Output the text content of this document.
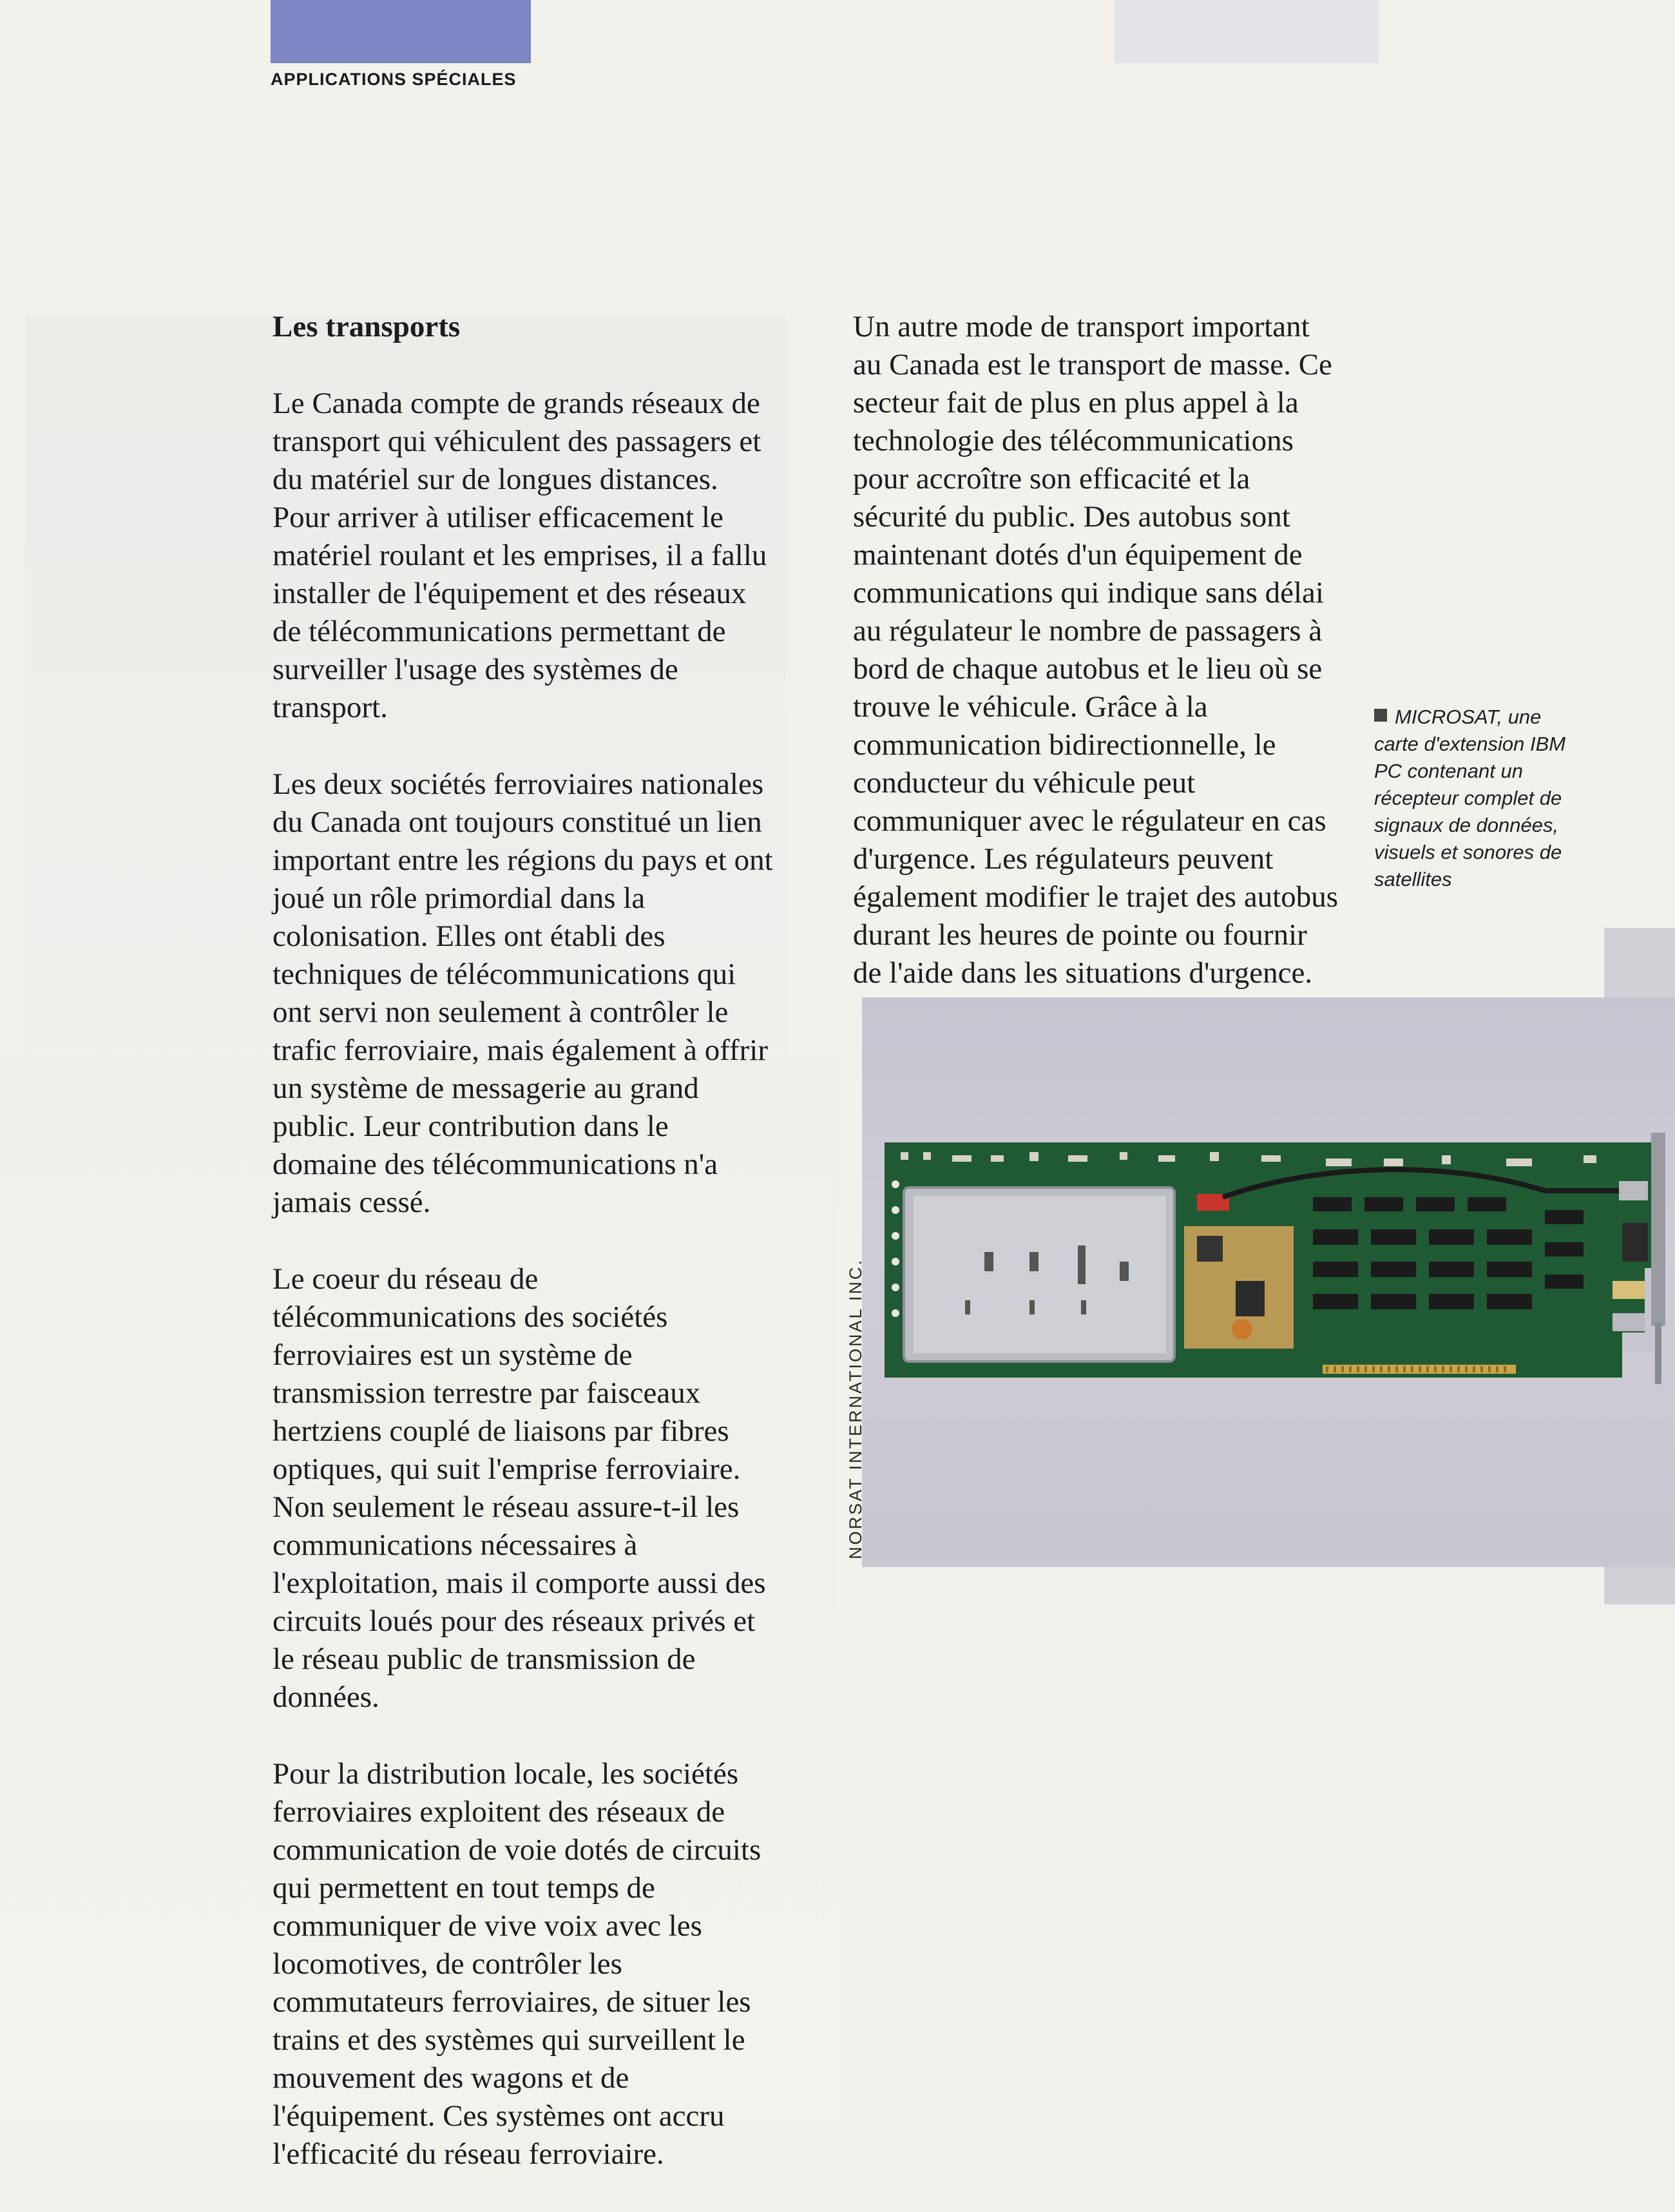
APPLICATIONS SPÉCIALES
Les transports

Le Canada compte de grands réseaux de transport qui véhiculent des passagers et du matériel sur de longues distances. Pour arriver à utiliser efficacement le matériel roulant et les emprises, il a fallu installer de l'équipement et des réseaux de télécommunications permettant de surveiller l'usage des systèmes de transport.

Les deux sociétés ferroviaires nationales du Canada ont toujours constitué un lien important entre les régions du pays et ont joué un rôle primordial dans la colonisation. Elles ont établi des techniques de télécommunications qui ont servi non seulement à contrôler le trafic ferroviaire, mais également à offrir un système de messagerie au grand public. Leur contribution dans le domaine des télécommunications n'a jamais cessé.

Le coeur du réseau de télécommunications des sociétés ferroviaires est un système de transmission terrestre par faisceaux hertziens couplé de liaisons par fibres optiques, qui suit l'emprise ferroviaire. Non seulement le réseau assure-t-il les communications nécessaires à l'exploitation, mais il comporte aussi des circuits loués pour des réseaux privés et le réseau public de transmission de données.

Pour la distribution locale, les sociétés ferroviaires exploitent des réseaux de communication de voie dotés de circuits qui permettent en tout temps de communiquer de vive voix avec les locomotives, de contrôler les commutateurs ferroviaires, de situer les trains et des systèmes qui surveillent le mouvement des wagons et de l'équipement. Ces systèmes ont accru l'efficacité du réseau ferroviaire.

Un autre mode de transport important au Canada est le transport de masse. Ce secteur fait de plus en plus appel à la technologie des télécommunications pour accroître son efficacité et la sécurité du public. Des autobus sont maintenant dotés d'un équipement de communications qui indique sans délai au régulateur le nombre de passagers à bord de chaque autobus et le lieu où se trouve le véhicule. Grâce à la communication bidirectionnelle, le conducteur du véhicule peut communiquer avec le régulateur en cas d'urgence. Les régulateurs peuvent également modifier le trajet des autobus durant les heures de pointe ou fournir de l'aide dans les situations d'urgence.

MICROSAT, une carte d'extension IBM PC contenant un récepteur complet de signaux de données, visuels et sonores de satellites
NORSAT INTERNATIONAL INC.
